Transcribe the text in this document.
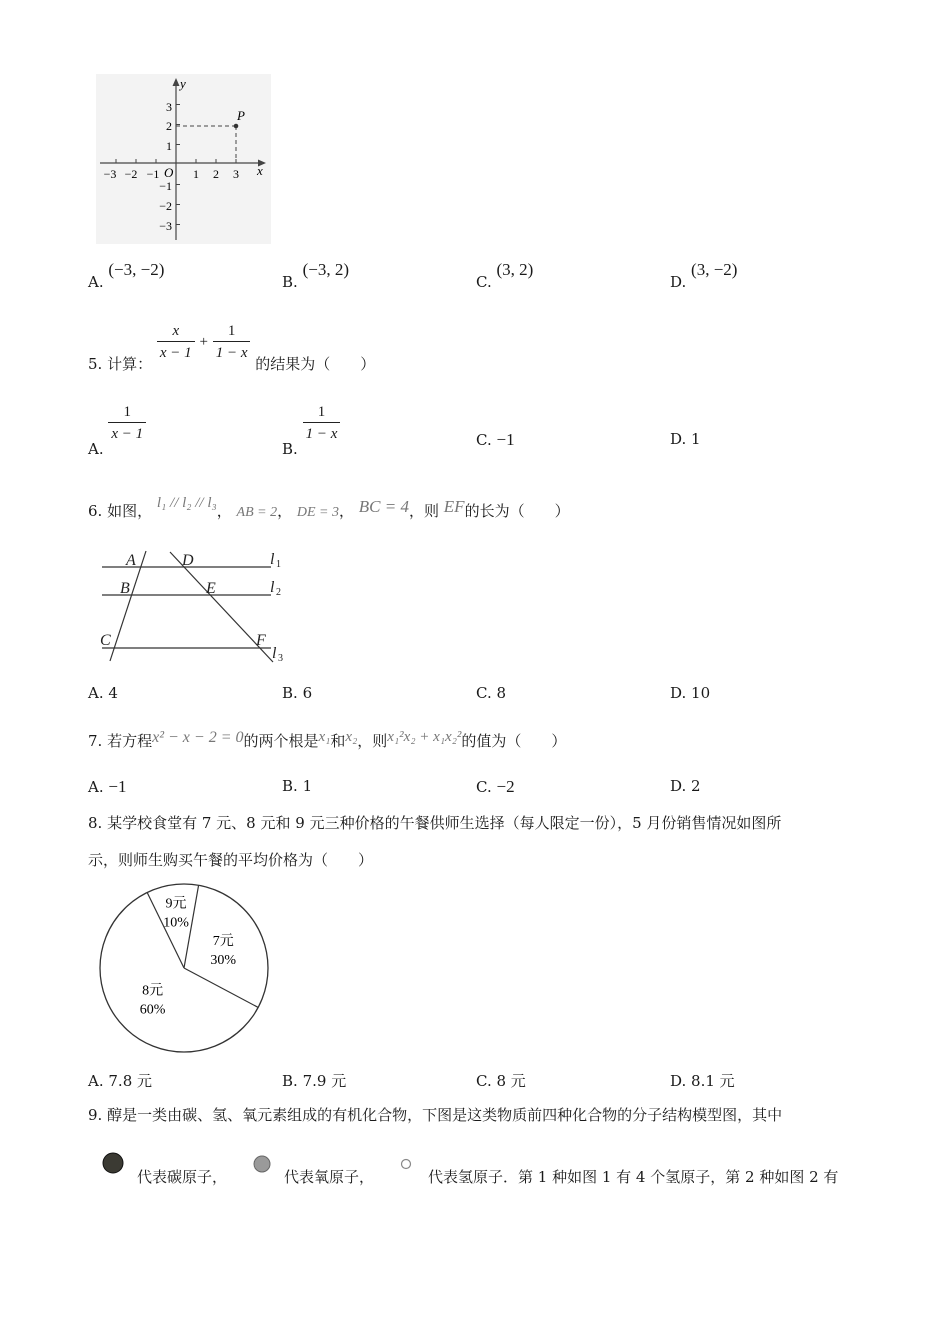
P
y
x
O
−3 −2 −1	1 2 3
3
2
1
−1
−2
−3
A. (−3, −2)
B. (−3, 2)
C. (3, 2)
D. (3, −2)
5. 计算： $\frac{x}{x - 1} + \frac{1}{1 - x}$ 的结果为（　　）
A.
$\frac{1}{x - 1}$
B.
$\frac{1}{1 - x}$	C. −1	D. 1
6. 如图， l₁ // l₂ // l₃， AB = 2， DE = 3， BC = 4，则 EF的长为（　　）
A	D
B	E
C	F
l
l
l
1
2
3
A. 4	B. 6	C. 8	D. 10
7. 若方程x² − x − 2 = 0的两个根是x₁和x₂，则x₁²x₂ + x₁x₂²的值为（　　）
A. −1	B. 1	C. −2	D. 2
8. 某学校食堂有 7 元、8 元和 9 元三种价格的午餐供师生选择（每人限定一份），5 月份销售情况如图所
示，则师生购买午餐的平均价格为（　　）
9元
10%
7元
30%
8元
60%
A. 7.8 元	B. 7.9 元	C. 8 元	D. 8.1 元
9. 醇是一类由碳、氢、氧元素组成的有机化合物，下图是这类物质前四种化合物的分子结构模型图，其中
代表碳原子，	代表氧原子，	代表氢原子．第 1 种如图 1 有 4 个氢原子，第 2 种如图 2 有
